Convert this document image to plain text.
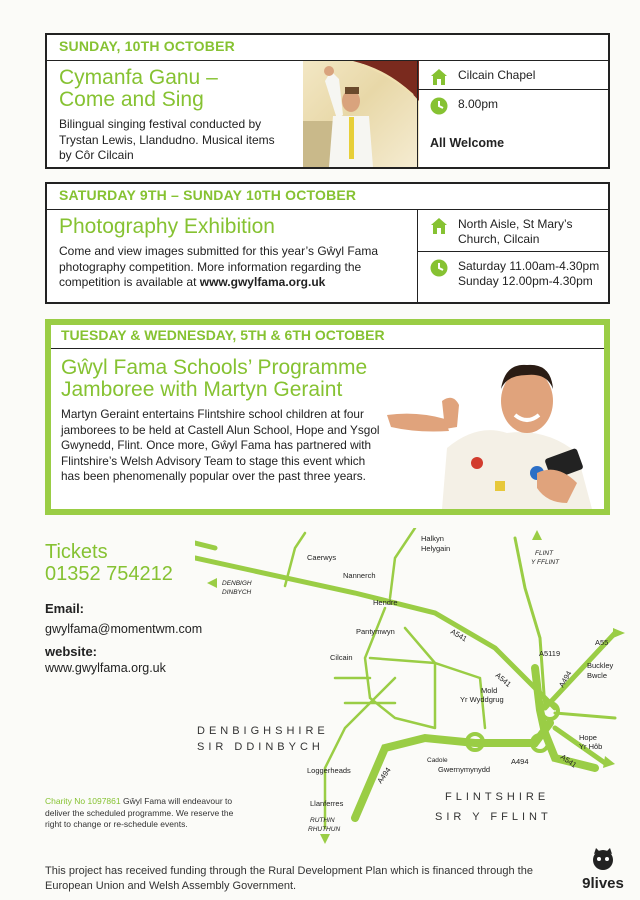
SUNDAY, 10TH OCTOBER
Cymanfa Ganu –
Come and Sing
Bilingual singing festival conducted by Trystan Lewis, Llandudno. Musical items by Côr Cilcain
Cilcain Chapel
8.00pm
All Welcome
SATURDAY 9TH – SUNDAY 10TH OCTOBER
Photography Exhibition
Come and view images submitted for this year’s Gŵyl Fama photography competition. More information regarding the competition is available at www.gwylfama.org.uk
North Aisle, St Mary’s
Church, Cilcain
Saturday 11.00am-4.30pm
Sunday 12.00pm-4.30pm
TUESDAY & WEDNESDAY, 5TH & 6TH OCTOBER
Gŵyl Fama Schools’ Programme
Jamboree with Martyn Geraint
Martyn Geraint entertains Flintshire school children at four jamborees to be held at Castell Alun School, Hope and Ysgol Gwynedd, Flint. Once more, Gŵyl Fama has partnered with Flintshire’s Welsh Advisory Team to stage this event which has been phenomenally popular over the past three years.
Tickets
01352 754212
Email:
gwylfama@momentwm.com
website:
www.gwylfama.org.uk
Charity No 1097861 Gŵyl Fama will endeavour to deliver the scheduled programme. We reserve the right to change or re-schedule events.
Caerwys
Halkyn
Helygain
FLINT
Y FFLINT
DENBIGH
DINBYCH
Nannerch
Hendre
A55
A5119
A541
A541
A541
A494
A494
A494
Pantymwyn
Cilcain
Buckley
Bwcle
Mold
Yr Wyddgrug
Hope
Yr Hôb
Cadole
Loggerheads	Gwernymynydd
Llanferres
RUTHIN
RHUTHUN
DENBIGHSHIRE
SIR DDINBYCH
FLINTSHIRE
SIR Y FFLINT
This project has received funding through the Rural Development Plan which is financed through the European Union and Welsh Assembly Government.	9lives
